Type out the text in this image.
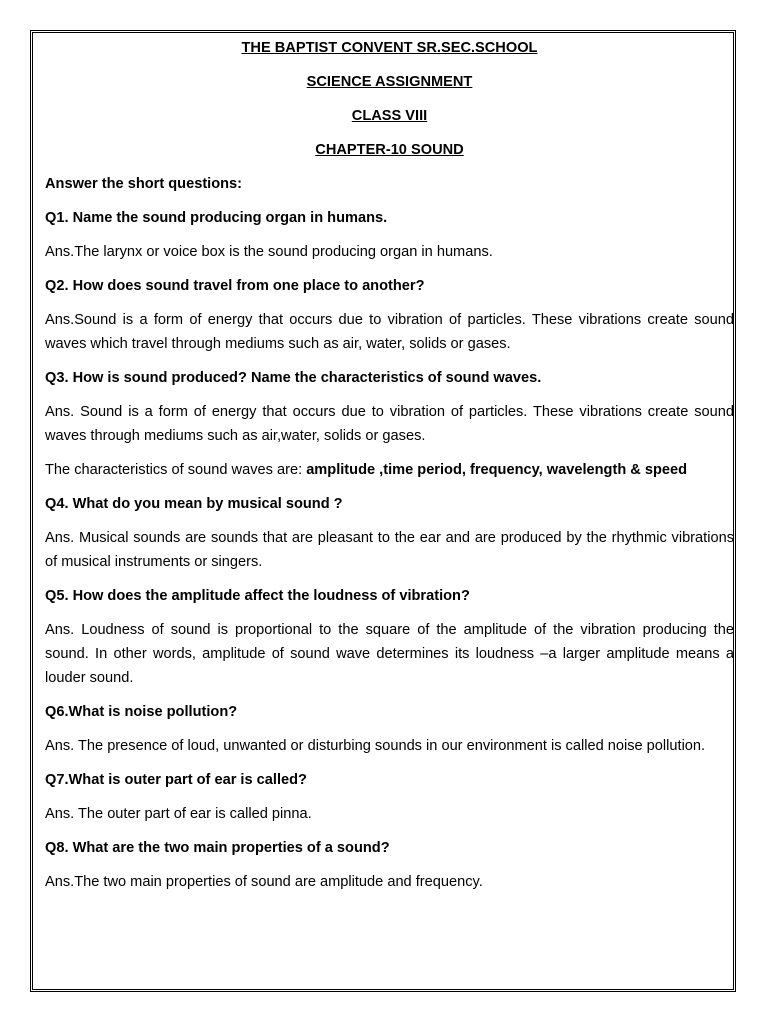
THE BAPTIST CONVENT SR.SEC.SCHOOL

SCIENCE ASSIGNMENT

CLASS VIII

CHAPTER-10 SOUND

Answer the short questions:

Q1. Name the sound producing organ in humans.

Ans.The larynx or voice box is the sound producing organ in humans.

Q2. How does sound travel from one place to another?

Ans.Sound is a form of energy that occurs due to vibration of particles. These vibrations create sound waves which travel through mediums such as air, water, solids or gases.

Q3. How is sound produced? Name the characteristics of sound waves.

Ans. Sound is a form of energy that occurs due to vibration of particles. These vibrations create sound waves through mediums such as air,water, solids or gases.

The characteristics of sound waves are: amplitude ,time period, frequency, wavelength & speed

Q4. What do you mean by musical sound ?

Ans. Musical sounds are sounds that are pleasant to the ear and are produced by the rhythmic vibrations of musical instruments or singers.

Q5. How does the amplitude affect the loudness of vibration?

Ans. Loudness of sound is proportional to the square of the amplitude of the vibration producing the sound. In other words, amplitude of sound wave determines its loudness –a larger amplitude means a louder sound.

Q6.What is noise pollution?

Ans. The presence of loud, unwanted or disturbing sounds in our environment is called noise pollution.

Q7.What is outer part of ear is called?

Ans. The outer part of ear is called pinna.

Q8. What are the two main properties of a sound?

Ans.The two main properties of sound are amplitude and frequency.
